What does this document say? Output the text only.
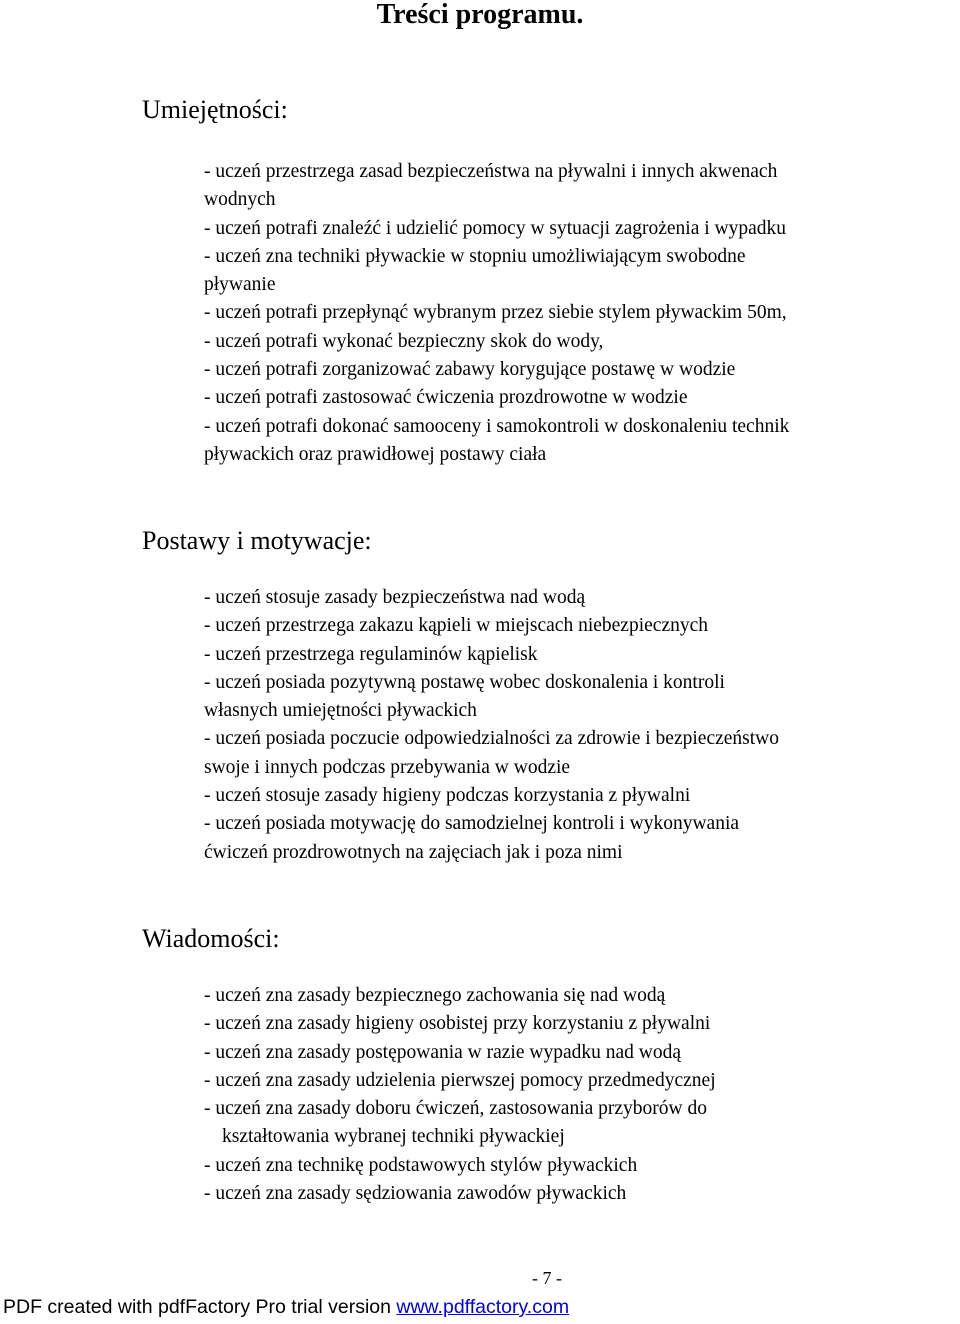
Treści programu.
Umiejętności:
- uczeń przestrzega zasad bezpieczeństwa na pływalni i innych akwenach
wodnych
- uczeń potrafi znaleźć i udzielić pomocy w sytuacji zagrożenia i wypadku
- uczeń zna techniki pływackie w stopniu umożliwiającym swobodne
pływanie
- uczeń potrafi przepłynąć wybranym przez siebie stylem pływackim 50m,
- uczeń potrafi wykonać bezpieczny skok do wody,
- uczeń potrafi zorganizować zabawy korygujące postawę w wodzie
- uczeń potrafi zastosować ćwiczenia prozdrowotne w wodzie
- uczeń potrafi dokonać samooceny i samokontroli w doskonaleniu technik
pływackich oraz prawidłowej postawy ciała
Postawy i motywacje:
- uczeń stosuje zasady bezpieczeństwa nad wodą
- uczeń przestrzega zakazu kąpieli w miejscach niebezpiecznych
- uczeń przestrzega regulaminów kąpielisk
- uczeń posiada pozytywną postawę wobec doskonalenia i kontroli
własnych umiejętności pływackich
- uczeń posiada poczucie odpowiedzialności za zdrowie i bezpieczeństwo
swoje i innych podczas przebywania w wodzie
- uczeń stosuje zasady higieny podczas korzystania z pływalni
- uczeń posiada motywację do samodzielnej kontroli i wykonywania
ćwiczeń prozdrowotnych na zajęciach jak i poza nimi
Wiadomości:
- uczeń zna zasady bezpiecznego zachowania się nad wodą
- uczeń zna zasady higieny osobistej przy korzystaniu z pływalni
- uczeń zna zasady postępowania w razie wypadku nad wodą
- uczeń zna zasady udzielenia pierwszej pomocy przedmedycznej
- uczeń zna zasady doboru ćwiczeń, zastosowania przyborów do
kształtowania wybranej techniki pływackiej
- uczeń zna technikę podstawowych stylów pływackich
- uczeń zna zasady sędziowania zawodów pływackich
- 7 -
PDF created with pdfFactory Pro trial version www.pdffactory.com
